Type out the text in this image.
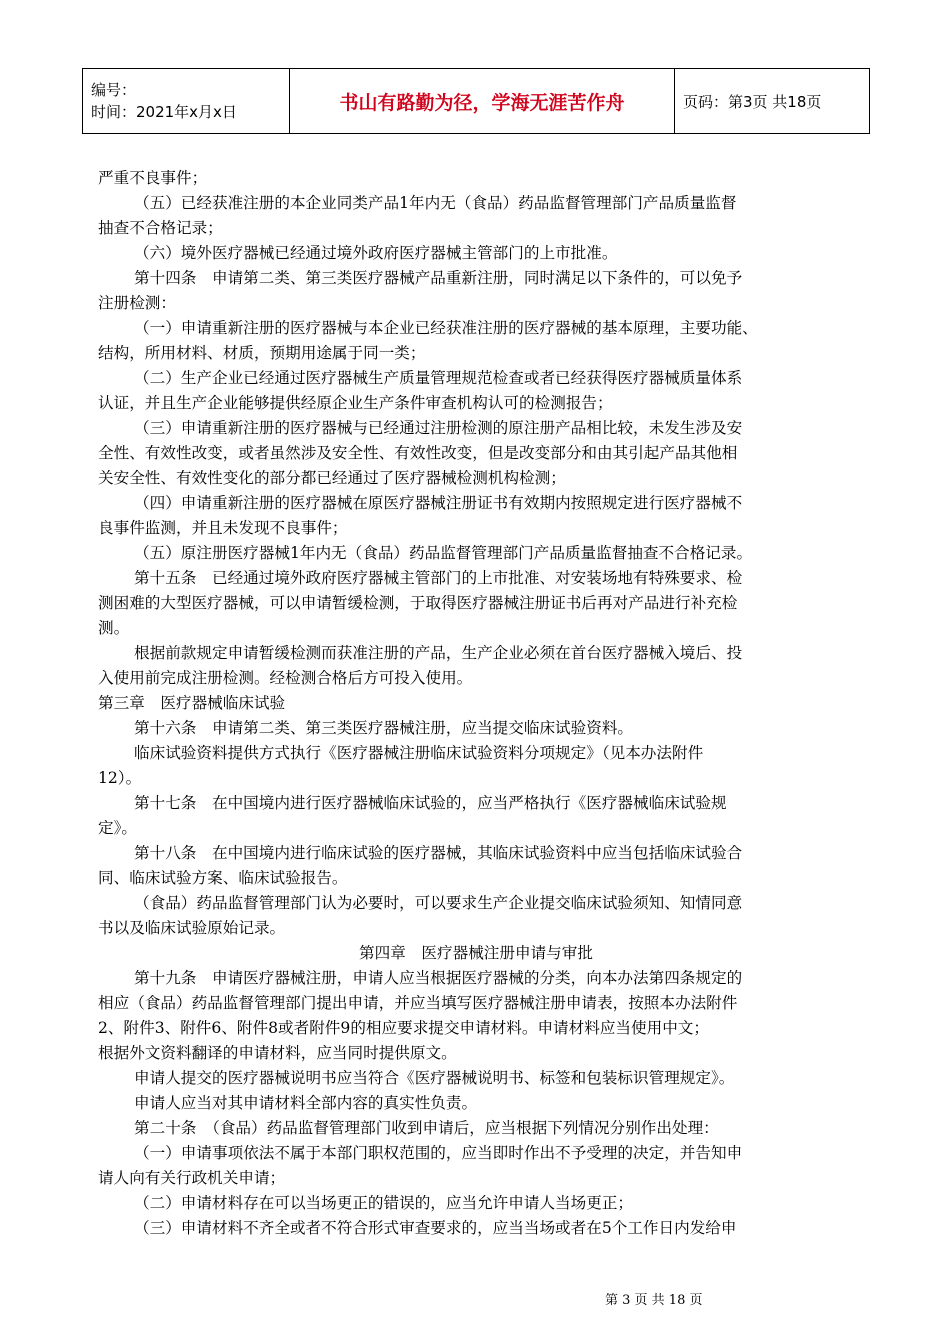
编号：
时间：2021年x月x日	书山有路勤为径，学海无涯苦作舟	页码：第3页 共18页
严重不良事件；
（五）已经获准注册的本企业同类产品1年内无（食品）药品监督管理部门产品质量监督
抽查不合格记录；
（六）境外医疗器械已经通过境外政府医疗器械主管部门的上市批准。
第十四条　申请第二类、第三类医疗器械产品重新注册，同时满足以下条件的，可以免予
注册检测：
（一）申请重新注册的医疗器械与本企业已经获准注册的医疗器械的基本原理，主要功能、
结构，所用材料、材质，预期用途属于同一类；
（二）生产企业已经通过医疗器械生产质量管理规范检查或者已经获得医疗器械质量体系
认证，并且生产企业能够提供经原企业生产条件审查机构认可的检测报告；
（三）申请重新注册的医疗器械与已经通过注册检测的原注册产品相比较，未发生涉及安
全性、有效性改变，或者虽然涉及安全性、有效性改变，但是改变部分和由其引起产品其他相
关安全性、有效性变化的部分都已经通过了医疗器械检测机构检测；
（四）申请重新注册的医疗器械在原医疗器械注册证书有效期内按照规定进行医疗器械不
良事件监测，并且未发现不良事件；
（五）原注册医疗器械1年内无（食品）药品监督管理部门产品质量监督抽查不合格记录。
第十五条　已经通过境外政府医疗器械主管部门的上市批准、对安装场地有特殊要求、检
测困难的大型医疗器械，可以申请暂缓检测，于取得医疗器械注册证书后再对产品进行补充检
测。
根据前款规定申请暂缓检测而获准注册的产品，生产企业必须在首台医疗器械入境后、投
入使用前完成注册检测。经检测合格后方可投入使用。
第三章　医疗器械临床试验
第十六条　申请第二类、第三类医疗器械注册，应当提交临床试验资料。
临床试验资料提供方式执行《医疗器械注册临床试验资料分项规定》（见本办法附件
12）。
第十七条　在中国境内进行医疗器械临床试验的，应当严格执行《医疗器械临床试验规
定》。
第十八条　在中国境内进行临床试验的医疗器械，其临床试验资料中应当包括临床试验合
同、临床试验方案、临床试验报告。
（食品）药品监督管理部门认为必要时，可以要求生产企业提交临床试验须知、知情同意
书以及临床试验原始记录。
第四章　医疗器械注册申请与审批
第十九条　申请医疗器械注册，申请人应当根据医疗器械的分类，向本办法第四条规定的
相应（食品）药品监督管理部门提出申请，并应当填写医疗器械注册申请表，按照本办法附件
2、附件3、附件6、附件8或者附件9的相应要求提交申请材料。申请材料应当使用中文；
根据外文资料翻译的申请材料，应当同时提供原文。
申请人提交的医疗器械说明书应当符合《医疗器械说明书、标签和包装标识管理规定》。
申请人应当对其申请材料全部内容的真实性负责。
第二十条　（食品）药品监督管理部门收到申请后，应当根据下列情况分别作出处理：
（一）申请事项依法不属于本部门职权范围的，应当即时作出不予受理的决定，并告知申
请人向有关行政机关申请；
（二）申请材料存在可以当场更正的错误的，应当允许申请人当场更正；
（三）申请材料不齐全或者不符合形式审查要求的，应当当场或者在5个工作日内发给申
第 3 页 共 18 页
